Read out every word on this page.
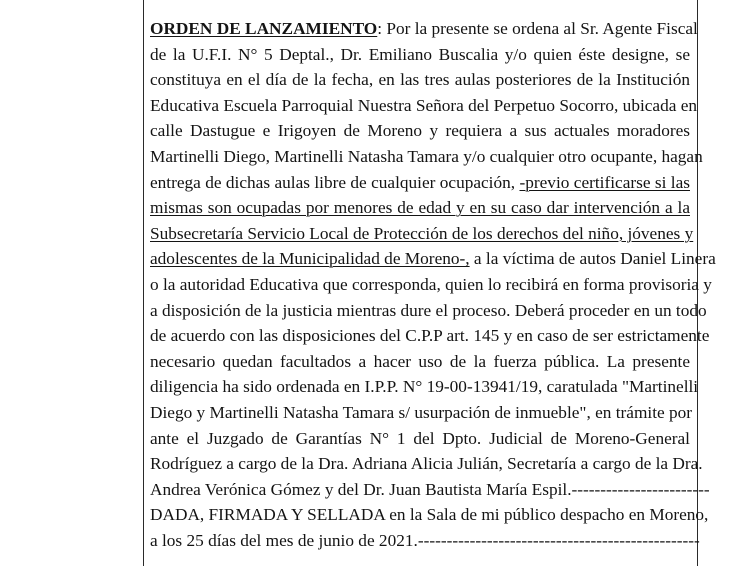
ORDEN DE LANZAMIENTO: Por la presente se ordena al Sr. Agente Fiscal
de la U.F.I. N° 5 Deptal., Dr. Emiliano Buscalia y/o quien éste designe, se
constituya en el día de la fecha, en las tres aulas posteriores de la Institución
Educativa Escuela Parroquial Nuestra Señora del Perpetuo Socorro, ubicada en
calle Dastugue e Irigoyen de Moreno y requiera a sus actuales moradores
Martinelli Diego, Martinelli Natasha Tamara y/o cualquier otro ocupante, hagan
entrega de dichas aulas libre de cualquier ocupación, -previo certificarse si las
mismas son ocupadas por menores de edad y en su caso dar intervención a la
Subsecretaría Servicio Local de Protección de los derechos del niño, jóvenes y
adolescentes de la Municipalidad de Moreno-, a la víctima de autos Daniel Linera
o la autoridad Educativa que corresponda, quien lo recibirá en forma provisoria y
a disposición de la justicia mientras dure el proceso. Deberá proceder en un todo
de acuerdo con las disposiciones del C.P.P art. 145 y en caso de ser estrictamente
necesario quedan facultados a hacer uso de la fuerza pública. La presente
diligencia ha sido ordenada en I.P.P. N° 19-00-13941/19, caratulada "Martinelli
Diego y Martinelli Natasha Tamara s/ usurpación de inmueble", en trámite por
ante el Juzgado de Garantías N° 1 del Dpto. Judicial de Moreno-General
Rodríguez a cargo de la Dra. Adriana Alicia Julián, Secretaría a cargo de la Dra.
Andrea Verónica Gómez y del Dr. Juan Bautista María Espil.------------------------
DADA, FIRMADA Y SELLADA en la Sala de mi público despacho en Moreno,
a los 25 días del mes de junio de 2021.-------------------------------------------------
